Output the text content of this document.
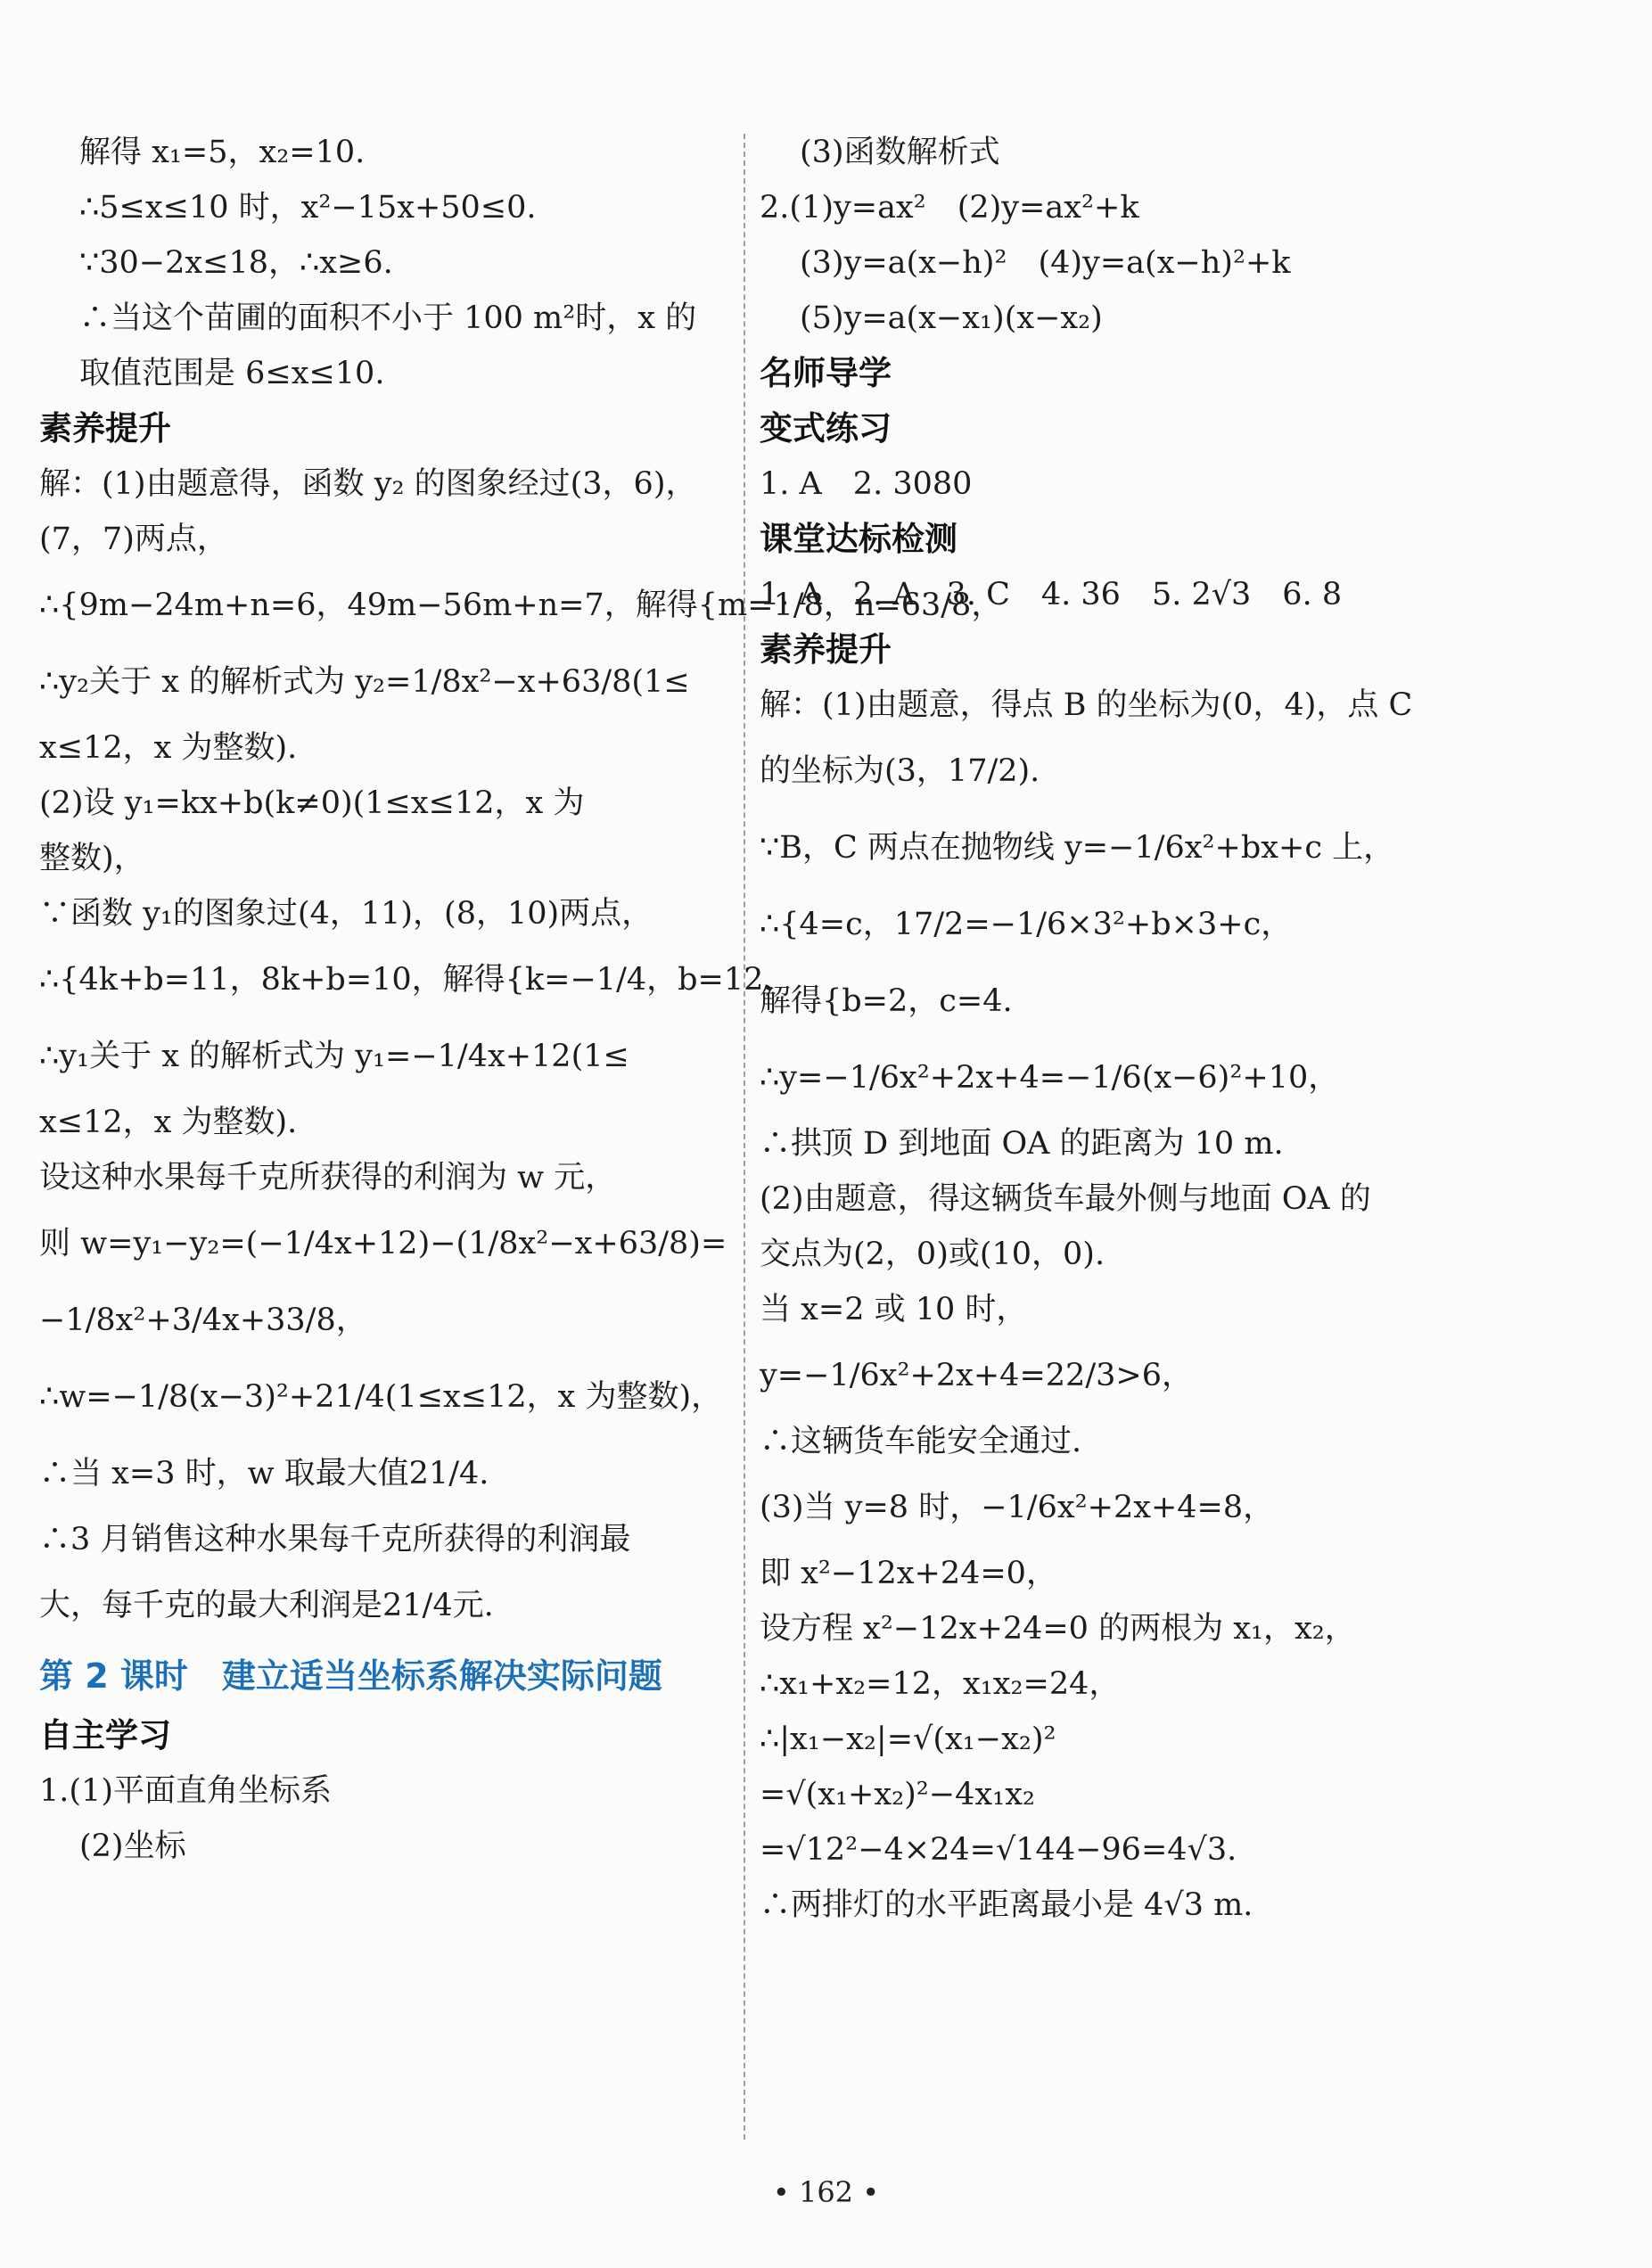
解得 x₁=5，x₂=10.
∴5≤x≤10 时，x²−15x+50≤0.
∵30−2x≤18，∴x≥6.
∴当这个苗圃的面积不小于 100 m²时，x 的
取值范围是 6≤x≤10.
素养提升
解：(1)由题意得，函数 y₂ 的图象经过(3，6)，
(7，7)两点，
∴{9m−24m+n=6，49m−56m+n=7，解得{m=1/8，n=63/8，
∴y₂关于 x 的解析式为 y₂=1/8x²−x+63/8(1≤
x≤12，x 为整数).
(2)设 y₁=kx+b(k≠0)(1≤x≤12，x 为
整数)，
∵函数 y₁的图象过(4，11)，(8，10)两点，
∴{4k+b=11，8k+b=10，解得{k=−1/4，b=12，
∴y₁关于 x 的解析式为 y₁=−1/4x+12(1≤
x≤12，x 为整数).
设这种水果每千克所获得的利润为 w 元，
则 w=y₁−y₂=(−1/4x+12)−(1/8x²−x+63/8)=
−1/8x²+3/4x+33/8，
∴w=−1/8(x−3)²+21/4(1≤x≤12，x 为整数)，
∴当 x=3 时，w 取最大值21/4.
∴3 月销售这种水果每千克所获得的利润最
大，每千克的最大利润是21/4元.
第 2 课时　建立适当坐标系解决实际问题
自主学习
1.(1)平面直角坐标系
(2)坐标
(3)函数解析式
2.(1)y=ax²　(2)y=ax²+k
(3)y=a(x−h)²　(4)y=a(x−h)²+k
(5)y=a(x−x₁)(x−x₂)
名师导学
变式练习
1. A　2. 3080
课堂达标检测
1. A　2. A　3. C　4. 36　5. 2√3　6. 8
素养提升
解：(1)由题意，得点 B 的坐标为(0，4)，点 C
的坐标为(3，17/2).
∵B，C 两点在抛物线 y=−1/6x²+bx+c 上，
∴{4=c，17/2=−1/6×3²+b×3+c，
解得{b=2，c=4.
∴y=−1/6x²+2x+4=−1/6(x−6)²+10，
∴拱顶 D 到地面 OA 的距离为 10 m.
(2)由题意，得这辆货车最外侧与地面 OA 的
交点为(2，0)或(10，0).
当 x=2 或 10 时，
y=−1/6x²+2x+4=22/3>6，
∴这辆货车能安全通过.
(3)当 y=8 时，−1/6x²+2x+4=8，
即 x²−12x+24=0，
设方程 x²−12x+24=0 的两根为 x₁，x₂，
∴x₁+x₂=12，x₁x₂=24，
∴|x₁−x₂|=√(x₁−x₂)²
=√(x₁+x₂)²−4x₁x₂
=√12²−4×24=√144−96=4√3.
∴两排灯的水平距离最小是 4√3 m.
• 162 •
